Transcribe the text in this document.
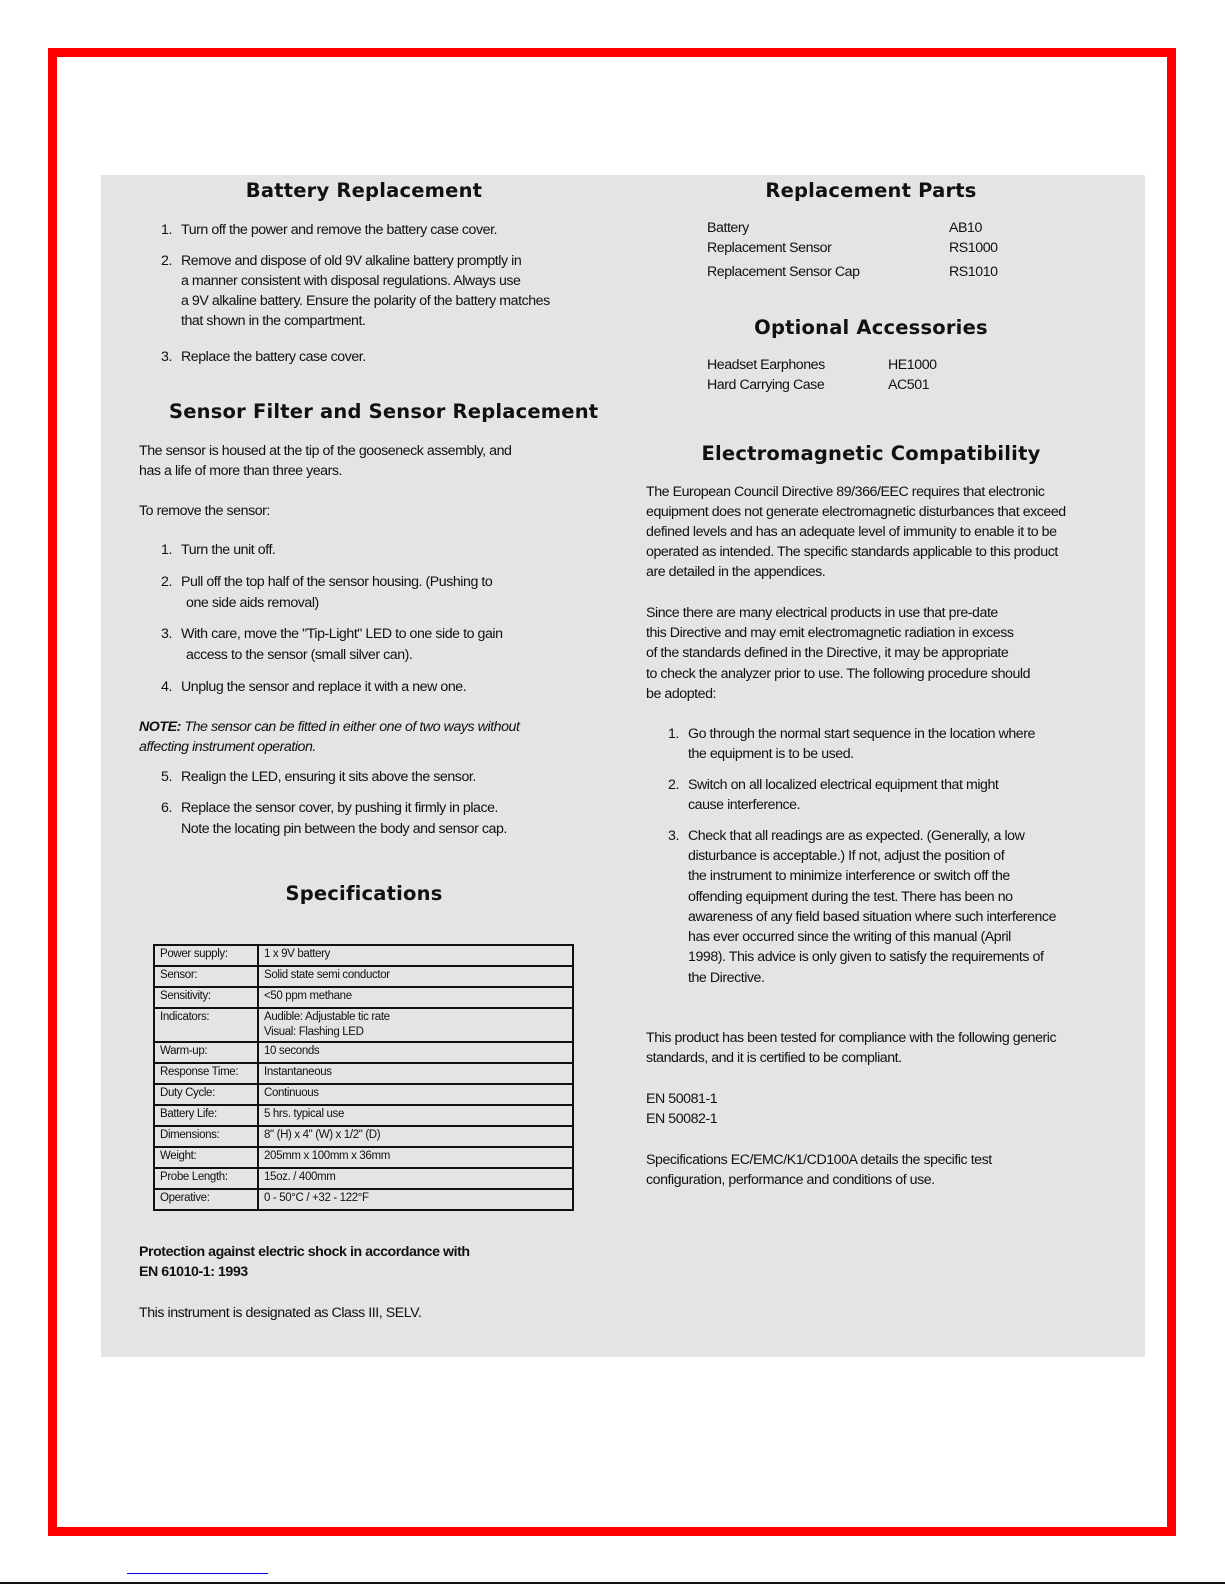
Battery Replacement
1. Turn off the power and remove the battery case cover.
2. Remove and dispose of old 9V alkaline battery promptly in
a manner consistent with disposal regulations. Always use
a 9V alkaline battery. Ensure the polarity of the battery matches
that shown in the compartment.
3. Replace the battery case cover.
Sensor Filter and Sensor Replacement
The sensor is housed at the tip of the gooseneck assembly, and
has a life of more than three years.
To remove the sensor:
1. Turn the unit off.
2. Pull off the top half of the sensor housing. (Pushing to
one side aids removal)
3. With care, move the "Tip-Light" LED to one side to gain
access to the sensor (small silver can).
4. Unplug the sensor and replace it with a new one.
NOTE: The sensor can be fitted in either one of two ways without
affecting instrument operation.
5. Realign the LED, ensuring it sits above the sensor.
6. Replace the sensor cover, by pushing it firmly in place.
Note the locating pin between the body and sensor cap.
Specifications
Power supply:	1 x 9V battery
Sensor:	Solid state semi conductor
Sensitivity:	<50 ppm methane
Indicators:	Audible: Adjustable tic rate
Visual: Flashing LED

Warm-up:	10 seconds
Response Time:	Instantaneous
Duty Cycle:	Continuous
Battery Life:	5 hrs. typical use
Dimensions:	8" (H) x 4" (W) x 1/2" (D)
Weight:	205mm x 100mm x 36mm
Probe Length:	15oz. / 400mm
Operative:	0 - 50°C / +32 - 122°F
Protection against electric shock in accordance with
EN 61010-1: 1993
This instrument is designated as Class III, SELV.
Replacement Parts
Battery	AB10
Replacement Sensor	RS1000
Replacement Sensor Cap	RS1010
Optional Accessories
Headset Earphones	HE1000
Hard Carrying Case	AC501
Electromagnetic Compatibility
The European Council Directive 89/366/EEC requires that electronic
equipment does not generate electromagnetic disturbances that exceed
defined levels and has an adequate level of immunity to enable it to be
operated as intended. The specific standards applicable to this product
are detailed in the appendices.
Since there are many electrical products in use that pre-date
this Directive and may emit electromagnetic radiation in excess
of the standards defined in the Directive, it may be appropriate
to check the analyzer prior to use. The following procedure should
be adopted:
1. Go through the normal start sequence in the location where
the equipment is to be used.
2. Switch on all localized electrical equipment that might
cause interference.
3. Check that all readings are as expected. (Generally, a low
disturbance is acceptable.) If not, adjust the position of
the instrument to minimize interference or switch off the
offending equipment during the test. There has been no
awareness of any field based situation where such interference
has ever occurred since the writing of this manual (April
1998). This advice is only given to satisfy the requirements of
the Directive.
This product has been tested for compliance with the following generic
standards, and it is certified to be compliant.
EN 50081-1
EN 50082-1
Specifications EC/EMC/K1/CD100A details the specific test
configuration, performance and conditions of use.
